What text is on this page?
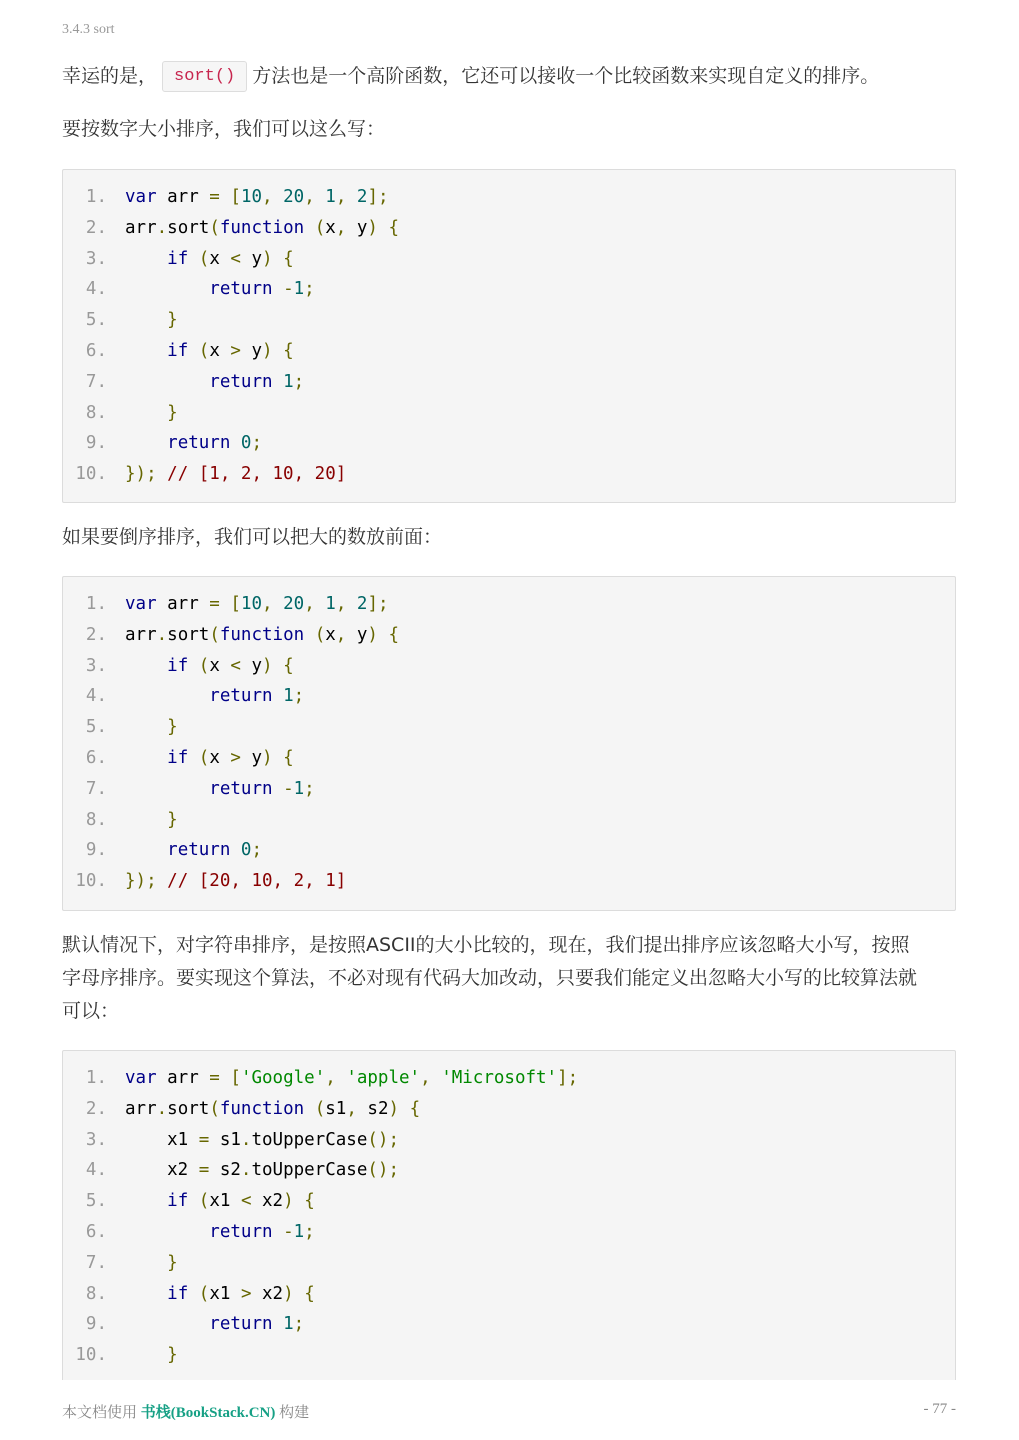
3.4.3 sort

幸运的是， sort() 方法也是一个高阶函数，它还可以接收一个比较函数来实现自定义的排序。

要按数字大小排序，我们可以这么写：

1. var arr = [10, 20, 1, 2];
2. arr.sort(function (x, y) {
3.	if (x < y) {
4.	return -1;
5.	}
6.	if (x > y) {
7.	return 1;
8.	}
9.	return 0;
10. }); // [1, 2, 10, 20]

如果要倒序排序，我们可以把大的数放前面：

1. var arr = [10, 20, 1, 2];
2. arr.sort(function (x, y) {
3.	if (x < y) {
4.	return 1;
5.	}
6.	if (x > y) {
7.	return -1;
8.	}
9.	return 0;
10. }); // [20, 10, 2, 1]
默认情况下，对字符串排序，是按照ASCII的大小比较的，现在，我们提出排序应该忽略大小写，按照
字母序排序。要实现这个算法，不必对现有代码大加改动，只要我们能定义出忽略大小写的比较算法就
可以：
1. var arr = ['Google', 'apple', 'Microsoft'];
2. arr.sort(function (s1, s2) {
3. x1 = s1.toUpperCase();
4. x2 = s2.toUpperCase();
5.	if (x1 < x2) {
6.	return -1;
7.	}
8.	if (x1 > x2) {
9.	return 1;
10.	}
本文档使用 书栈(BookStack.CN) 构建	- 77 -
